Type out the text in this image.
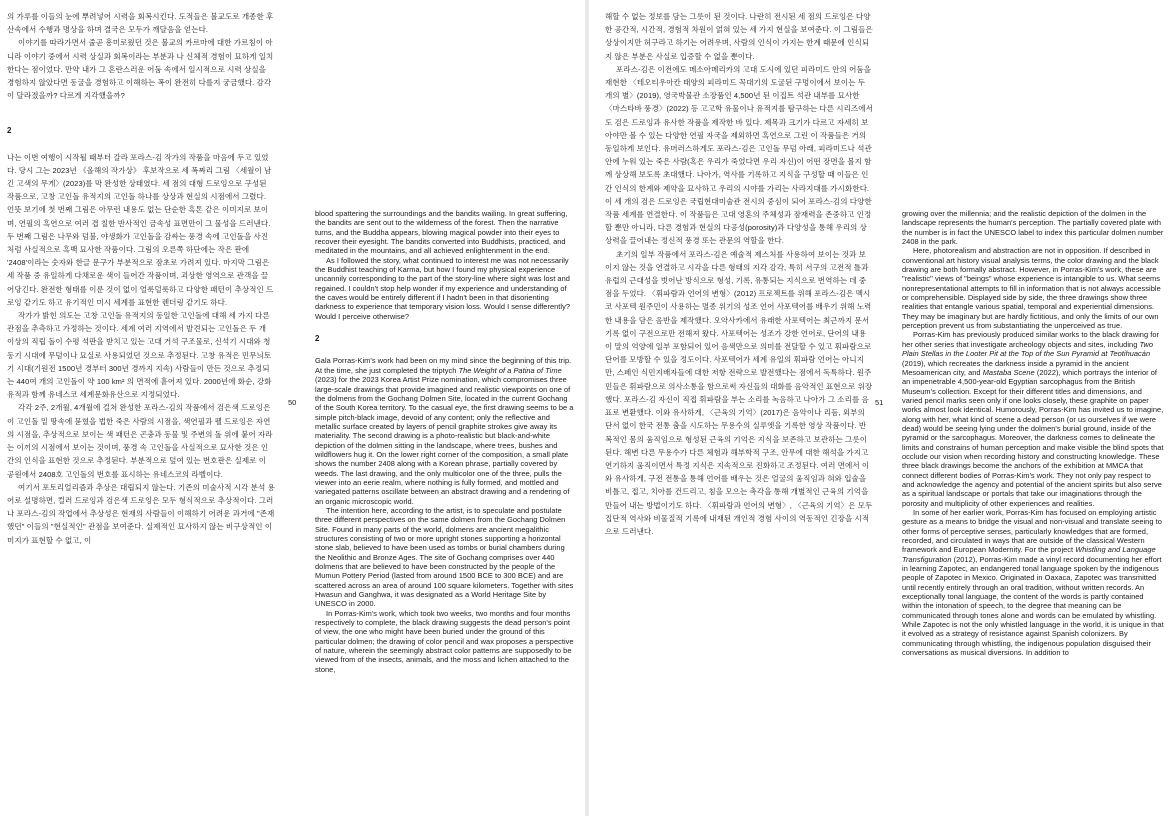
의 가루를 이들의 눈에 뿌려넣어 시력을 회복시킨다. 도적들은 불교도로 개종한 후 산속에서 수행과 명상을 하며 결국은 모두가 깨달음을 얻는다.

이야기를 따라가면서 줄곧 흥미로웠던 것은 불교의 카르마에 대한 가르침이 아니라 이야기 중에서 시력 상실과 회복이라는 부분과 나 신체적 경험이 묘하게 일치한다는 점이었다. 만약 내가 그 혼란스러운 어둠 속에서 일시적으로 시력 상실을 경험하지 않았다면 동굴을 경험하고 이해하는 폭이 완전히 다를지 궁금했다. 감각이 달라졌을까? 다르게 지각했을까?

2

나는 이번 여행이 시작될 때부터 갈라 포라스-김 작가의 작품을 마음에 두고 있었다. 당시 그는 2023년 《올해의 작가상》 후보작으로 세 폭짜리 그림 〈세월이 남긴 고색의 무게〉(2023)를 막 완성한 상태였다. 세 점의 대형 드로잉으로 구성된 작품으로, 고창 고인돌 유적지의 고인돌 하나를 상상과 현실의 시점에서 그렸다. 언뜻 보기에 첫 번째 그림은 아무런 내용도 없는 단순한 흑톤 같은 이미지로 보이며, 연필의 흑연으로 여러 겹 칠한 반사적인 금속성 표면만이 그 물성을 드러낸다. 두 번째 그림은 나무와 덤불, 야생화가 고인돌을 감싸는 풍경 속에 고인돌을 사진처럼 사실적으로 흑백 묘사한 작품이다. 그림의 오른쪽 하단에는 작은 판에 '2408'이라는 숫자와 한글 문구가 부분적으로 잠초로 가려져 있다. 마지막 그림은 세 작품 중 유일하게 다채로운 색이 들어간 작품이며, 괴상한 영역으로 관객을 끌어당긴다. 완전한 형태를 이룬 것이 없이 얼룩덜룩하고 다양한 패턴이 추상적인 드로잉 같기도 하고 유기적인 미시 세계를 표현한 렌더링 같기도 하다.

작가가 밝힌 의도는 고창 고인돌 유적지의 동일한 고인돌에 대해 세 가지 다른 관점을 추측하고 가정하는 것이다. 세계 여러 지역에서 발견되는 고인돌은 두 개 이상의 직립 돌이 수평 석판을 받치고 있는 고대 거석 구조물로, 신석기 시대와 청동기 시대에 무덤이나 묘실로 사용되었던 것으로 추정된다. 고창 유적은 민무늬토기 시대(기원전 1500년 경부터 300년 경까지 지속) 사람들이 만든 것으로 추정되는 440여 개의 고인돌이 약 100 km² 의 면적에 흩어져 있다. 2000년에 화순, 강화 유적과 함께 유네스코 세계문화유산으로 지정되었다.

각각 2주, 2개월, 4개월에 걸쳐 완성한 포라스-김의 작품에서 검은색 드로잉은 이 고인돌 밑 땅속에 묻혔을 법한 죽은 사람의 시점을, 색연필과 펠 드로잉은 자연의 시점을, 추상적으로 보이는 색 패턴은 곤충과 동물 및 주변의 돌 위에 붙어 자라는 이끼의 시점에서 보이는 것이며, 풍경 속 고인돌을 사실적으로 묘사한 것은 인간의 인식을 표현한 것으로 추정된다. 부분적으로 덮여 있는 번호판은 실제로 이 공원에서 2408호 고인돌의 번호를 표시하는 유네스코의 라벨이다.

여기서 포토리얼리즘과 추상은 대립되지 않는다. 기존의 미술사적 시각 분석 용어로 설명하면, 컬러 드로잉과 검은색 드로잉은 모두 형식적으로 추상적이다. 그러나 포라스-김의 작업에서 추상성은 현재의 사람들이 이해하기 어려운 과거에 "존재했던" 이들의 "현실적인" 관점을 보여준다. 실제적인 묘사하지 않는 비구상적인 이미지가 표현할 수 없고, 이

blood spattering the surroundings and the bandits wailing. In great suffering, the bandits are sent out to the wilderness of the forest. Then the narrative turns, and the Buddha appears, blowing magical powder into their eyes to recover their eyesight. The bandits converted into Buddhists, practiced, and meditated in the mountains, and all achieved enlightenment in the end.

As I followed the story, what continued to interest me was not necessarily the Buddhist teaching of Karma, but how I found my physical experience uncannily corresponding to the part of the story-line where sight was lost and regained. I couldn't stop help wonder if my experience and understanding of the caves would be entirely different if I hadn't been in that disorienting darkness to experience that temporary vision loss. Would I sense differently? Would I perceive otherwise?

2

Gala Porras-Kim's work had been on my mind since the beginning of this trip. At the time, she just completed the triptych The Weight of a Patina of Time (2023) for the 2023 Korea Artist Prize nomination, which compromises three large-scale drawings that provide imagined and realistic viewpoints on one of the dolmens from the Gochang Dolmen Site, located in the current Gochang of the South Korea territory. To the casual eye, the first drawing seems to be a simple pitch-black image, devoid of any content; only the reflective and metallic surface created by layers of pencil graphite strokes give away its materiality. The second drawing is a photo-realistic but black-and-white depiction of the dolmen sitting in the landscape, where trees, bushes and wildflowers hug it. On the lower right corner of the composition, a small plate shows the number 2408 along with a Korean phrase, partially covered by weeds. The last drawing, and the only multicolor one of the three, pulls the viewer into an eerie realm, where nothing is fully formed, and mottled and variegated patterns oscillate between an abstract drawing and a rendering of an organic microscopic world.

The intention here, according to the artist, is to speculate and postulate three different perspectives on the same dolmen from the Gochang Dolmen Site. Found in many parts of the world, dolmens are ancient megalithic structures consisting of two or more upright stones supporting a horizontal stone slab, believed to have been used as tombs or burial chambers during the Neolithic and Bronze Ages. The site of Gochang comprises over 440 dolmens that are believed to have been constructed by the people of the Mumun Pottery Period (lasted from around 1500 BCE to 300 BCE) and are scattered across an area of around 100 square kilometers. Together with sites Hwasun and Ganghwa, it was designated as a World Heritage Site by UNESCO in 2000.

In Porras-Kim's work, which took two weeks, two months and four months respectively to complete, the black drawing suggests the dead person's point of view, the one who might have been buried under the ground of this particular dolmen; the drawing of color pencil and wax proposes a perspective of nature, wherein the seemingly abstract color patterns are supposedly to be viewed from of the insects, animals, and the moss and lichen attached to the stone,

50

해할 수 없는 정보를 담는 그릇이 된 것이다. 나란히 전시된 세 점의 드로잉은 다양한 공간적, 시간적, 경험적 차원이 얽혀 있는 세 가지 현실을 보여준다. 이 그림들은 상상이지만 허구라고 하기는 어려우며, 사람의 인식이 가지는 한계 때문에 인식되지 않은 부분은 사실로 입증할 수 없을 뿐이다.

포라스-김은 이전에도 메소아메리카의 고대 도시에 있던 피라미드 안의 어둠을 재현한 〈테오티우아칸 태양의 피라미드 꼭대기의 도굴된 구멍이에서 보이는 두 개의 별〉(2019), 영국박물관 소장품인 4,500년 된 이집트 석관 내부를 묘사한 〈마스타바 풍경〉(2022) 등 고고학 유물이나 유적지를 탐구하는 다른 시리즈에서도 검은 드로잉과 유사한 작품을 제작한 바 있다. 제목과 크기가 다르고 자세히 보아야만 볼 수 있는 다양한 연필 자국을 제외하면 흑연으로 그린 이 작품들은 거의 동일하게 보인다. 유머러스하게도 포라스-김은 고인돌 무덤 아래, 피라미드나 석관 안에 누워 있는 죽은 사람(혹은 우리가 죽었다면 우리 자신)이 어떤 장면을 볼지 함께 상상해 보도록 초대했다. 나아가, 역사를 기록하고 지식을 구성할 때 이들은 인간 인식의 한계와 제약을 묘사하고 우리의 시야를 가리는 사라지대를 가시화한다. 이 세 개의 검은 드로잉은 국립현대미술관 전시의 중심이 되어 포라스-김의 다양한 작품 세계를 연결한다. 이 작품들은 고대 영혼의 주체성과 잠재력을 존중하고 인정할 뿐만 아니라, 다른 경험과 현실의 다공성(porosity)과 다양성을 통해 우리의 상상력을 끌어내는 정신적 풍경 또는 관문의 역할을 한다.

초기의 일부 작품에서 포라스-김은 예술적 제스처를 사용하여 보이는 것과 보이지 않는 것을 연결하고 시각을 다른 형태의 지각 감각, 특히 서구의 고전적 틀과 유럽의 근대성을 벗어난 방식으로 형성, 기록, 유통되는 지식으로 번역하는 데 중점을 두었다. 〈휘파람과 언어의 변형〉(2012) 프로젝트를 위해 포라스-김은 멕시코 사포텍 원주민이 사용하는 멸종 위기의 성조 언어 사포텍어를 배우기 위해 노력한 내용을 담은 음반을 제작했다. 오악사카에서 유래한 사포텍어는 최근까지 문서 기록 없이 구전으로만 전해져 왔다. 사포텍어는 성조가 강한 언어로, 단어의 내용이 말의 억양에 일부 포함되어 있어 음색만으로 의미를 전달할 수 있고 휘파람으로 단어를 모방할 수 있을 정도이다. 사포텍어가 세계 유일의 휘파람 언어는 아니지만, 스페인 식민지배자들에 대한 저항 전략으로 발전했다는 점에서 독특하다. 원주민들은 휘파람으로 의사소통을 함으로써 자신들의 대화를 음악적인 표현으로 위장했다. 포라스-김 자신이 직접 휘파람을 부는 소리를 녹음하고 나아가 그 소리를 음표로 변환했다. 이와 유사하게, 〈근육의 기억〉(2017)은 음악이나 리듬, 외부의 단서 없이 한국 전통 춤을 시도하는 무용수의 실루엣을 기록한 영상 작품이다. 반복적인 몸의 움직임으로 형성된 근육의 기억은 지식을 보존하고 보관하는 그릇이 된다. 해변 다른 무용수가 다른 체험과 해부학적 구조, 안무에 대한 해석을 가지고 연기하지 움직이면서 특정 지식은 지속적으로 진화하고 조정된다. 여러 면에서 이와 유사하게, 구전 전통을 통해 언어를 배우는 것은 얼굴의 움직임과 혀와 입술을 비틀고, 접고, 치아를 건드리고, 침을 모으는 촉각을 통해 개별적인 근육의 기억을 만들어 내는 방법이기도 하다. 〈휘파람과 언어의 변형〉, 〈근육의 기억〉은 모두 집단적 역사와 비물질적 기록에 내재된 개인적 경험 사이의 역동적인 긴장을 시적으로 드러낸다.

growing over the millennia; and the realistic depiction of the dolmen in the landscape represents the human's perception. The partially covered plate with the number is in fact the UNESCO label to index this particular dolmen number 2408 in the park.

Here, photorealism and abstraction are not in opposition. If described in conventional art history visual analysis terms, the color drawing and the black drawing are both formally abstract. However, in Porras-Kim's work, these are "realistic" views of "beings" whose experience is intangible to us. What seems nonrepresentational attempts to fill in information that is not always accessible or comprehensible. Displayed side by side, the three drawings show three realities that entangle various spatial, temporal and experiential dimensions. They may be imaginary but are hardly fictitious, and only the limits of our own perception prevent us from substantiating the unperceived as true.

Porras-Kim has previously produced similar works to the black drawing for her other series that investigate archeology objects and sites, including Two Plain Stellas in the Looter Pit at the Top of the Sun Pyramid at Teotihuacán (2019), which recreates the darkness inside a pyramid in the ancient Mesoamerican city, and Mastaba Scene (2022), which portrays the interior of an impenetrable 4,500-year-old Egyptian sarcophagus from the British Museum's collection. Except for their different titles and dimensions, and varied pencil marks seen only if one looks closely, these graphite on paper works almost look identical. Humorously, Porras-Kim has invited us to imagine, along with her, what kind of scene a dead person (or us ourselves if we were dead) would be seeing lying under the dolmen's burial ground, inside of the pyramid or the sarcophagus. Moreover, the darkness comes to delineate the limits and constrains of human perception and make visible the blind spots that occlude our vision when recording history and constructing knowledge. These three black drawings become the anchors of the exhibition at MMCA that connect different bodies of Porras-Kim's work. They not only pay respect to and acknowledge the agency and potential of the ancient spirits but also serve as a spiritual landscape or portals that take our imaginations through the porosity and multiplicity of other experiences and realities.

In some of her earlier work, Porras-Kim has focused on employing artistic gesture as a means to bridge the visual and non-visual and translate seeing to other forms of perceptive senses, particularly knowledges that are formed, recorded, and circulated in ways that are outside of the classical Western framework and European Modernity. For the project Whistling and Language Transfiguration (2012), Porras-Kim made a vinyl record documenting her effort in learning Zapotec, an endangered tonal language spoken by the indigenous people of Zapotec in Mexico. Originated in Oaxaca, Zapotec was transmitted until recently entirely through an oral tradition, without written records. An exceptionally tonal language, the content of the words is partly contained within the intonation of speech, to the degree that meaning can be communicated through tones alone and words can be emulated by whistling. While Zapotec is not the only whistled language in the world, it is unique in that it evolved as a strategy of resistance against Spanish colonizers. By communicating through whistling, the indigenous population disguised their conversations as musical diversions. In addition to

51
